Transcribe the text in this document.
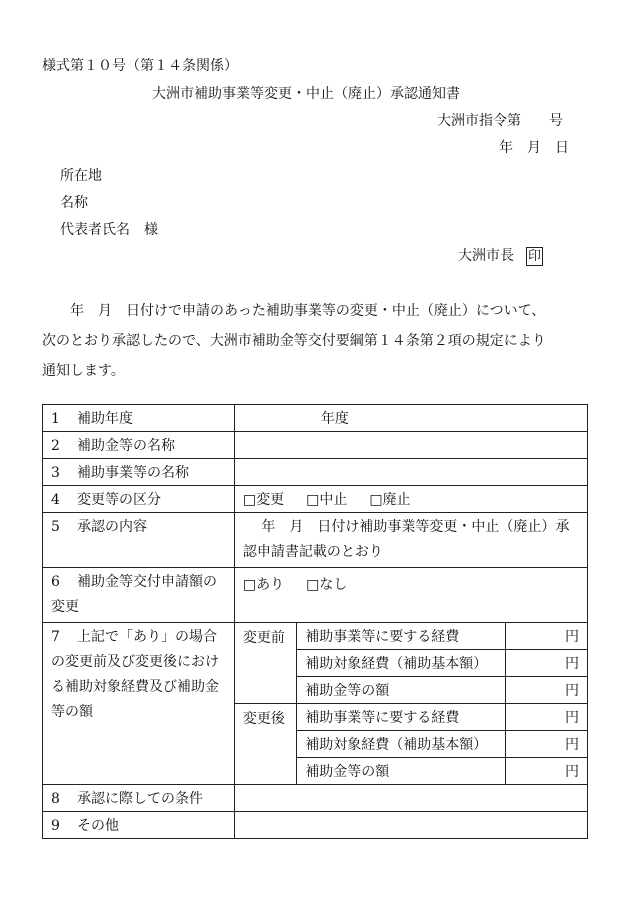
様式第１０号（第１４条関係）
大洲市補助事業等変更・中止（廃止）承認通知書
大洲市指令第　　号
年　月　日
所在地
名称
代表者氏名　様
大洲市長 印
　　年　月　日付けで申請のあった補助事業等の変更・中止（廃止）について、
次のとおり承認したので、大洲市補助金等交付要綱第１４条第２項の規定により
通知します。
1 補助年度	年度		
2 補助金等の名称			
3 補助事業等の名称			
4 変更等の区分	□変更 □中止 □廃止		
5 承認の内容	　 年　月　日付け補助事業等変更・中止（廃止）承認申請書記載のとおり		
6 補助金等交付申請額の変更	□あり □なし		
7 上記で「あり」の場合の変更前及び変更後における補助対象経費及び補助金等の額	変更前	補助事業等に要する経費	円
		補助対象経費（補助基本額）	円
		補助金等の額	円
	変更後	補助事業等に要する経費	円
		補助対象経費（補助基本額）	円
		補助金等の額	円
8 承認に際しての条件			
9 その他			
